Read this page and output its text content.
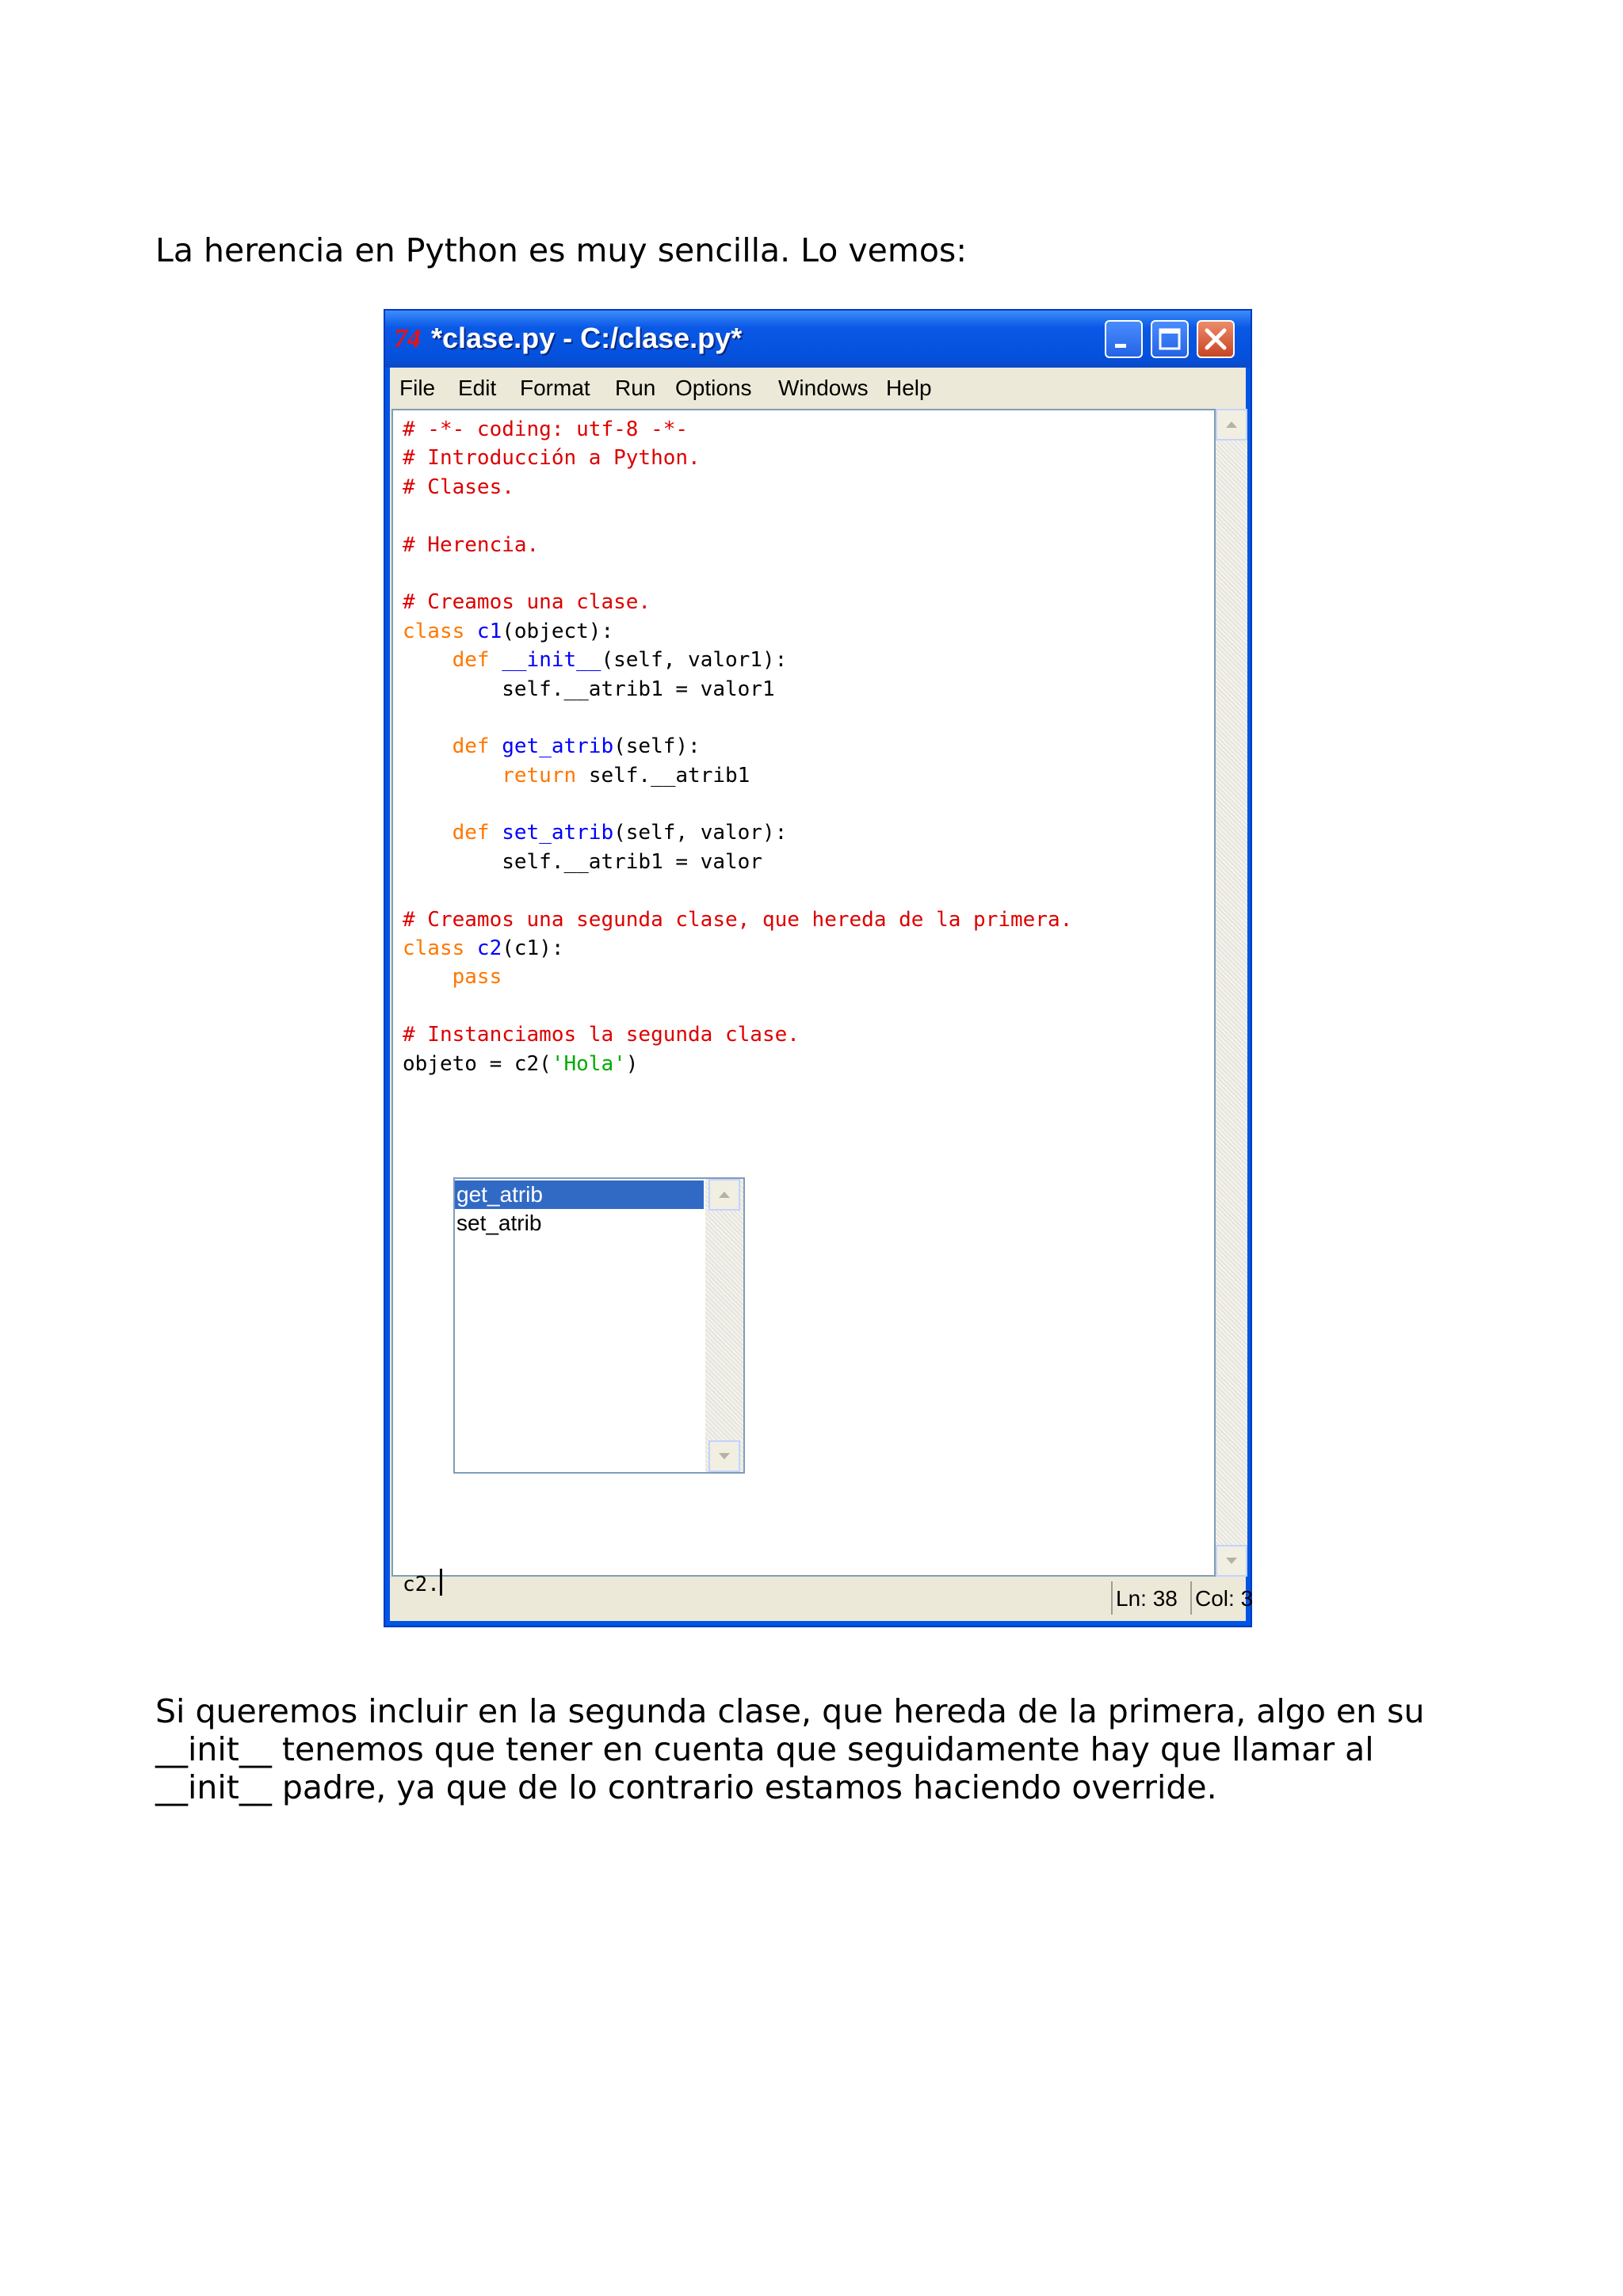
La herencia en Python es muy sencilla. Lo vemos:

74 *clase.py - C:/clase.py*
File Edit Format Run Options Windows Help
# -*- coding: utf-8 -*-
# Introducción a Python.
# Clases.
# Herencia.
# Creamos una clase.
class c1(object):
def __init__(self, valor1):
self.__atrib1 = valor1
def get_atrib(self):
return self.__atrib1
def set_atrib(self, valor):
self.__atrib1 = valor
# Creamos una segunda clase, que hereda de la primera.
class c2(c1):
pass
# Instanciamos la segunda clase.
objeto = c2('Hola')
c2.
get_atrib
set_atrib
Ln: 38 Col: 3
Si queremos incluir en la segunda clase, que hereda de la primera, algo en su
__init__ tenemos que tener en cuenta que seguidamente hay que llamar al
__init__ padre, ya que de lo contrario estamos haciendo override.
